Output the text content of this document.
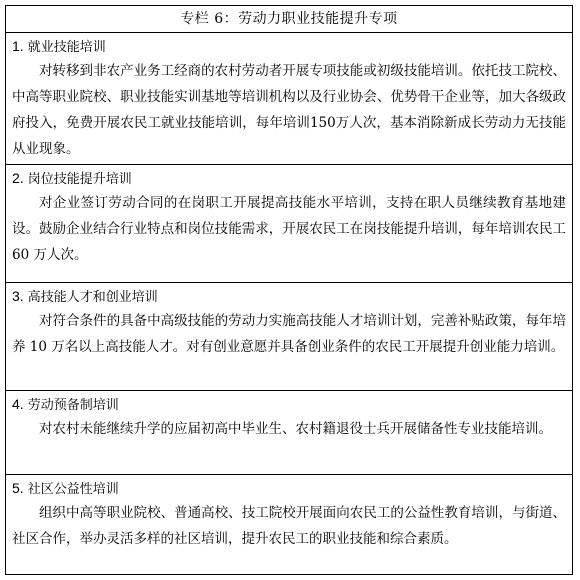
专栏 6：劳动力职业技能提升专项
1. 就业技能培训

对转移到非农产业务工经商的农村劳动者开展专项技能或初级技能培训。依托技工院校、中高等职业院校、职业技能实训基地等培训机构以及行业协会、优势骨干企业等，加大各级政府投入，免费开展农民工就业技能培训，每年培训150万人次，基本消除新成长劳动力无技能从业现象。

2. 岗位技能提升培训

对企业签订劳动合同的在岗职工开展提高技能水平培训，支持在职人员继续教育基地建设。鼓励企业结合行业特点和岗位技能需求，开展农民工在岗技能提升培训，每年培训农民工 60 万人次。

3. 高技能人才和创业培训

对符合条件的具备中高级技能的劳动力实施高技能人才培训计划，完善补贴政策，每年培养 10 万名以上高技能人才。对有创业意愿并具备创业条件的农民工开展提升创业能力培训。

4. 劳动预备制培训

对农村未能继续升学的应届初高中毕业生、农村籍退役士兵开展储备性专业技能培训。

5. 社区公益性培训

组织中高等职业院校、普通高校、技工院校开展面向农民工的公益性教育培训，与街道、社区合作，举办灵活多样的社区培训，提升农民工的职业技能和综合素质。
